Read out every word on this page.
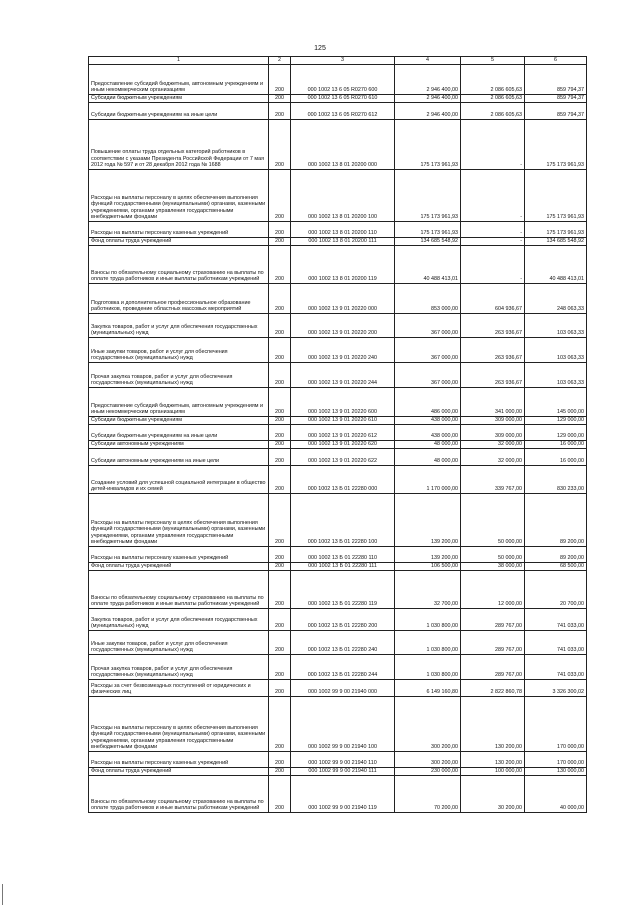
125
1	2	3	4	5	6
Предоставление субсидий бюджетным, автономным учреждениям и иным некоммерческим организациям	200	000 1002 13 6 05 R0270 600	2 946 400,00	2 086 605,63	859 794,37
Субсидии бюджетным учреждениям	200	000 1002 13 6 05 R0270 610	2 946 400,00	2 086 605,63	859 794,37
Субсидии бюджетным учреждениям на иные цели	200	000 1002 13 6 05 R0270 612	2 946 400,00	2 086 605,63	859 794,37
Повышение оплаты труда отдельных категорий работников в соответствии с указами Президента Российской Федерации от 7 мая 2012 года № 597 и от 28 декабря 2012 года № 1688	200	000 1002 13 8 01 20200 000	175 173 961,93	-	175 173 961,93
Расходы на выплаты персоналу в целях обеспечения выполнения функций государственными (муниципальными) органами, казенными учреждениями, органами управления государственными внебюджетными фондами	200	000 1002 13 8 01 20200 100	175 173 961,93	-	175 173 961,93
Расходы на выплаты персоналу казенных учреждений	200	000 1002 13 8 01 20200 110	175 173 961,93	-	175 173 961,93
Фонд оплаты труда учреждений	200	000 1002 13 8 01 20200 111	134 685 548,92	-	134 685 548,92
Взносы по обязательному социальному страхованию на выплаты по оплате труда работников и иные выплаты работникам учреждений	200	000 1002 13 8 01 20200 119	40 488 413,01	-	40 488 413,01
Подготовка и дополнительное профессиональное образование работников, проведение областных массовых мероприятий	200	000 1002 13 9 01 20220 000	853 000,00	604 936,67	248 063,33
Закупка товаров, работ и услуг для обеспечения государственных (муниципальных) нужд	200	000 1002 13 9 01 20220 200	367 000,00	263 936,67	103 063,33
Иные закупки товаров, работ и услуг для обеспечения государственных (муниципальных) нужд	200	000 1002 13 9 01 20220 240	367 000,00	263 936,67	103 063,33
Прочая закупка товаров, работ и услуг для обеспечения государственных (муниципальных) нужд	200	000 1002 13 9 01 20220 244	367 000,00	263 936,67	103 063,33
Предоставление субсидий бюджетным, автономным учреждениям и иным некоммерческим организациям	200	000 1002 13 9 01 20220 600	486 000,00	341 000,00	145 000,00
Субсидии бюджетным учреждениям	200	000 1002 13 9 01 20220 610	438 000,00	309 000,00	129 000,00
Субсидии бюджетным учреждениям на иные цели	200	000 1002 13 9 01 20220 612	438 000,00	309 000,00	129 000,00
Субсидии автономным учреждениям	200	000 1002 13 9 01 20220 620	48 000,00	32 000,00	16 000,00
Субсидии автономным учреждениям на иные цели	200	000 1002 13 9 01 20220 622	48 000,00	32 000,00	16 000,00
Создание условий для успешной социальной интеграции в общество детей-инвалидов и их семей	200	000 1002 13 Б 01 22280 000	1 170 000,00	339 767,00	830 233,00
Расходы на выплаты персоналу в целях обеспечения выполнения функций государственными (муниципальными) органами, казенными учреждениями, органами управления государственными внебюджетными фондами	200	000 1002 13 Б 01 22280 100	139 200,00	50 000,00	89 200,00
Расходы на выплаты персоналу казенных учреждений	200	000 1002 13 Б 01 22280 110	139 200,00	50 000,00	89 200,00
Фонд оплаты труда учреждений	200	000 1002 13 Б 01 22280 111	106 500,00	38 000,00	68 500,00
Взносы по обязательному социальному страхованию на выплаты по оплате труда работников и иные выплаты работникам учреждений	200	000 1002 13 Б 01 22280 119	32 700,00	12 000,00	20 700,00
Закупка товаров, работ и услуг для обеспечения государственных (муниципальных) нужд	200	000 1002 13 Б 01 22280 200	1 030 800,00	289 767,00	741 033,00
Иные закупки товаров, работ и услуг для обеспечения государственных (муниципальных) нужд	200	000 1002 13 Б 01 22280 240	1 030 800,00	289 767,00	741 033,00
Прочая закупка товаров, работ и услуг для обеспечения государственных (муниципальных) нужд	200	000 1002 13 Б 01 22280 244	1 030 800,00	289 767,00	741 033,00
Расходы за счет безвозмездных поступлений от юридических и физических лиц	200	000 1002 99 9 00 21940 000	6 149 160,80	2 822 860,78	3 326 300,02
Расходы на выплаты персоналу в целях обеспечения выполнения функций государственными (муниципальными) органами, казенными учреждениями, органами управления государственными внебюджетными фондами	200	000 1002 99 9 00 21940 100	300 200,00	130 200,00	170 000,00
Расходы на выплаты персоналу казенных учреждений	200	000 1002 99 9 00 21940 110	300 200,00	130 200,00	170 000,00
Фонд оплаты труда учреждений	200	000 1002 99 9 00 21940 111	230 000,00	100 000,00	130 000,00
Взносы по обязательному социальному страхованию на выплаты по оплате труда работников и иные выплаты работникам учреждений	200	000 1002 99 9 00 21940 119	70 200,00	30 200,00	40 000,00
